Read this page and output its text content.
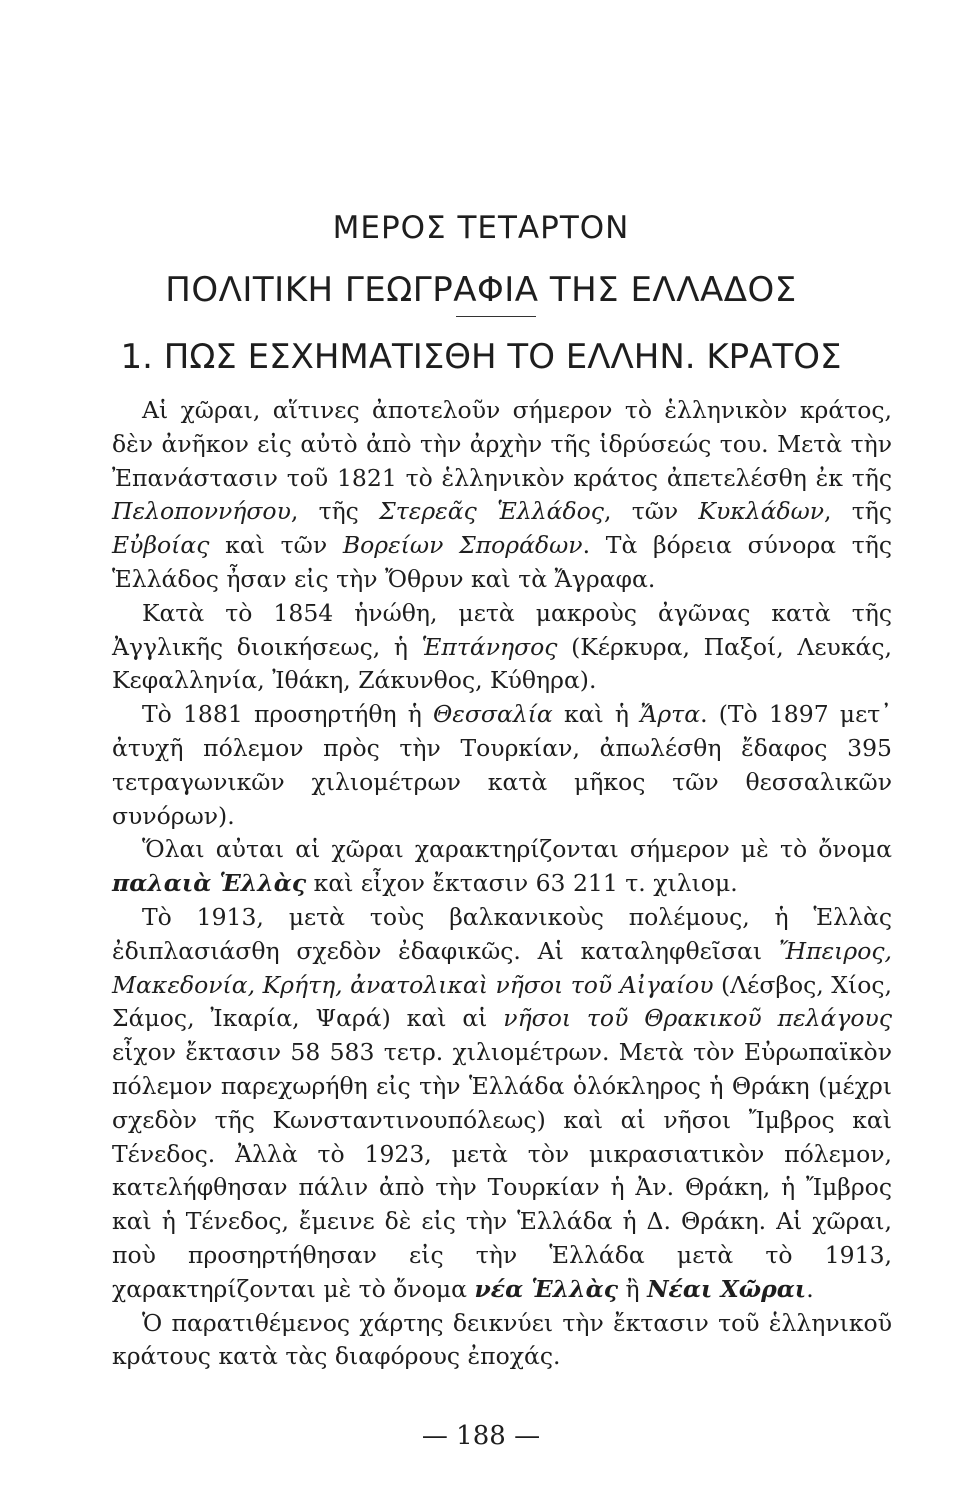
ΜΕΡΟΣ ΤΕΤΑΡΤΟΝ
ΠΟΛΙΤΙΚΗ ΓΕΩΓΡΑΦΙΑ ΤΗΣ ΕΛΛΑΔΟΣ
1. ΠΩΣ ΕΣΧΗΜΑΤΙΣΘΗ ΤΟ ΕΛΛΗΝ. ΚΡΑΤΟΣ

Αἱ χῶραι, αἵτινες ἀποτελοῦν σήμερον τὸ ἑλληνικὸν κράτος, δὲν ἀνῆκον εἰς αὐτὸ ἀπὸ τὴν ἀρχὴν τῆς ἱδρύσεώς του. Μετὰ τὴν Ἐπανάστασιν τοῦ 1821 τὸ ἑλληνικὸν κράτος ἀπετελέσθη ἐκ τῆς Πελοποννήσου, τῆς Στερεᾶς Ἑλλάδος, τῶν Κυκλάδων, τῆς Εὐβοίας καὶ τῶν Βορείων Σποράδων. Τὰ βόρεια σύνορα τῆς Ἑλλάδος ἦσαν εἰς τὴν Ὄθρυν καὶ τὰ Ἄγραφα.

Κατὰ τὸ 1854 ἡνώθη, μετὰ μακροὺς ἀγῶνας κατὰ τῆς Ἀγγλικῆς διοικήσεως, ἡ Ἑπτάνησος (Κέρκυρα, Παξοί, Λευκάς, Κεφαλληνία, Ἰθάκη, Ζάκυνθος, Κύθηρα).

Τὸ 1881 προσηρτήθη ἡ Θεσσαλία καὶ ἡ Ἄρτα. (Τὸ 1897 μετ᾽ ἀτυχῆ πόλεμον πρὸς τὴν Τουρκίαν, ἀπωλέσθη ἔδαφος 395 τετραγωνικῶν χιλιομέτρων κατὰ μῆκος τῶν θεσσαλικῶν συνόρων).

Ὅλαι αὐται αἱ χῶραι χαρακτηρίζονται σήμερον μὲ τὸ ὄνομα παλαιὰ Ἑλλὰς καὶ εἶχον ἔκτασιν 63 211 τ. χιλιομ.

Τὸ 1913, μετὰ τοὺς βαλκανικοὺς πολέμους, ἡ Ἑλλὰς ἐδιπλασιάσθη σχεδὸν ἐδαφικῶς. Αἱ καταληφθεῖσαι Ἤπειρος, Μακεδονία, Κρήτη, ἀνατολικαὶ νῆσοι τοῦ Αἰγαίου (Λέσβος, Χίος, Σάμος, Ἰκαρία, Ψαρά) καὶ αἱ νῆσοι τοῦ Θρακικοῦ πελάγους εἶχον ἔκτασιν 58 583 τετρ. χιλιομέτρων. Μετὰ τὸν Εὐρωπαϊκὸν πόλεμον παρεχωρήθη εἰς τὴν Ἑλλάδα ὁλόκληρος ἡ Θράκη (μέχρι σχεδὸν τῆς Κωνσταντινουπόλεως) καὶ αἱ νῆσοι Ἴμβρος καὶ Τένεδος. Ἀλλὰ τὸ 1923, μετὰ τὸν μικρασιατικὸν πόλεμον, κατελήφθησαν πάλιν ἀπὸ τὴν Τουρκίαν ἡ Ἀν. Θράκη, ἡ Ἴμβρος καὶ ἡ Τένεδος, ἔμεινε δὲ εἰς τὴν Ἑλλάδα ἡ Δ. Θράκη. Αἱ χῶραι, ποὺ προσηρτήθησαν εἰς τὴν Ἑλλάδα μετὰ τὸ 1913, χαρακτηρίζονται μὲ τὸ ὄνομα νέα Ἑλλὰς ἢ Νέαι Χῶραι.

Ὁ παρατιθέμενος χάρτης δεικνύει τὴν ἔκτασιν τοῦ ἑλληνικοῦ κράτους κατὰ τὰς διαφόρους ἐποχάς.

— 188 —
